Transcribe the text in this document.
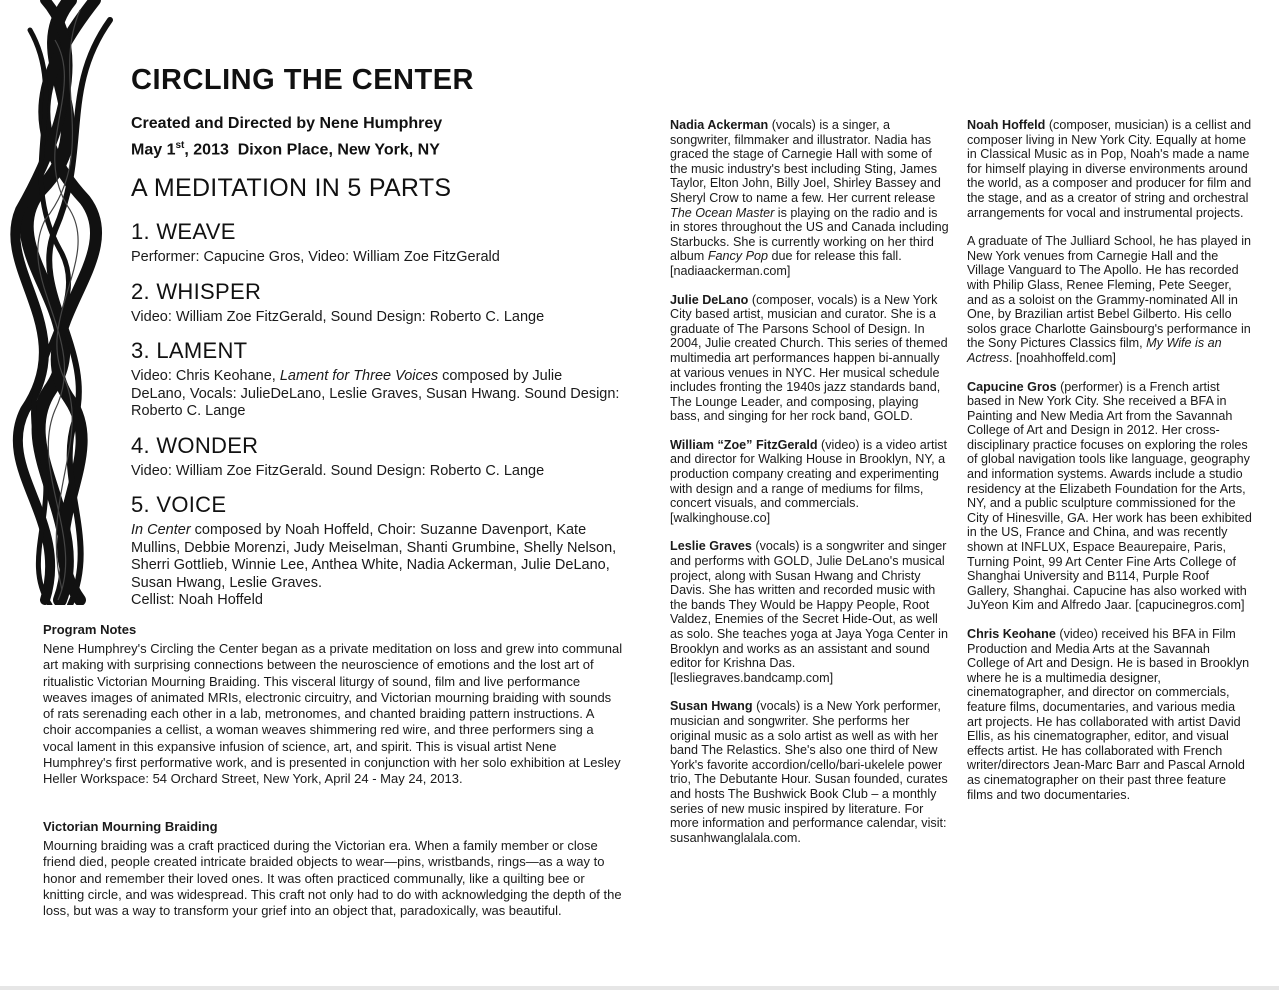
CIRCLING THE CENTER
Created and Directed by Nene Humphrey
May 1st, 2013  Dixon Place, New York, NY
A MEDITATION IN 5 PARTS
1. WEAVE
Performer: Capucine Gros, Video: William Zoe FitzGerald
2. WHISPER
Video: William Zoe FitzGerald, Sound Design: Roberto C. Lange
3. LAMENT
Video: Chris Keohane, Lament for Three Voices composed by Julie DeLano, Vocals: JulieDeLano, Leslie Graves, Susan Hwang. Sound Design: Roberto C. Lange
4. WONDER
Video: William Zoe FitzGerald. Sound Design: Roberto C. Lange
5. VOICE
In Center composed by Noah Hoffeld, Choir: Suzanne Davenport, Kate Mullins, Debbie Morenzi, Judy Meiselman, Shanti Grumbine, Shelly Nelson, Sherri Gottlieb, Winnie Lee, Anthea White, Nadia Ackerman, Julie DeLano, Susan Hwang, Leslie Graves.
Cellist: Noah Hoffeld
Program Notes
Nene Humphrey's Circling the Center began as a private meditation on loss and grew into communal art making with surprising connections between the neuroscience of emotions and the lost art of ritualistic Victorian Mourning Braiding. This visceral liturgy of sound, film and live performance weaves images of animated MRIs, electronic circuitry, and Victorian mourning braiding with sounds of rats serenading each other in a lab, metronomes, and chanted braiding pattern instructions. A choir accompanies a cellist, a woman weaves shimmering red wire, and three performers sing a vocal lament in this expansive infusion of science, art, and spirit. This is visual artist Nene Humphrey's first performative work, and is presented in conjunction with her solo exhibition at Lesley Heller Workspace: 54 Orchard Street, New York, April 24 - May 24, 2013.
Victorian Mourning Braiding
Mourning braiding was a craft practiced during the Victorian era. When a family member or close friend died, people created intricate braided objects to wear—pins, wristbands, rings—as a way to honor and remember their loved ones. It was often practiced communally, like a quilting bee or knitting circle, and was widespread. This craft not only had to do with acknowledging the depth of the loss, but was a way to transform your grief into an object that, paradoxically, was beautiful.
Nadia Ackerman (vocals) is a singer, a songwriter, filmmaker and illustrator. Nadia has graced the stage of Carnegie Hall with some of the music industry's best including Sting, James Taylor, Elton John, Billy Joel, Shirley Bassey and Sheryl Crow to name a few. Her current release The Ocean Master is playing on the radio and is in stores throughout the US and Canada including Starbucks. She is currently working on her third album Fancy Pop due for release this fall. [nadiaackerman.com]
Julie DeLano (composer, vocals) is a New York City based artist, musician and curator. She is a graduate of The Parsons School of Design. In 2004, Julie created Church. This series of themed multimedia art performances happen bi-annually at various venues in NYC. Her musical schedule includes fronting the 1940s jazz standards band, The Lounge Leader, and composing, playing bass, and singing for her rock band, GOLD.
William “Zoe” FitzGerald (video) is a video artist and director for Walking House in Brooklyn, NY, a production company creating and experimenting with design and a range of mediums for films, concert visuals, and commercials. [walkinghouse.co]
Leslie Graves (vocals) is a songwriter and singer and performs with GOLD, Julie DeLano's musical project, along with Susan Hwang and Christy Davis. She has written and recorded music with the bands They Would be Happy People, Root Valdez, Enemies of the Secret Hide-Out, as well as solo. She teaches yoga at Jaya Yoga Center in Brooklyn and works as an assistant and sound editor for Krishna Das. [lesliegraves.bandcamp.com]
Susan Hwang (vocals) is a New York performer, musician and songwriter. She performs her original music as a solo artist as well as with her band The Relastics. She's also one third of New York's favorite accordion/cello/bari-ukelele power trio, The Debutante Hour. Susan founded, curates and hosts The Bushwick Book Club – a monthly series of new music inspired by literature. For more information and performance calendar, visit: susanhwanglalala.com.
Noah Hoffeld (composer, musician) is a cellist and composer living in New York City. Equally at home in Classical Music as in Pop, Noah's made a name for himself playing in diverse environments around the world, as a composer and producer for film and the stage, and as a creator of string and orchestral arrangements for vocal and instrumental projects.
A graduate of The Julliard School, he has played in New York venues from Carnegie Hall and the Village Vanguard to The Apollo. He has recorded with Philip Glass, Renee Fleming, Pete Seeger, and as a soloist on the Grammy-nominated All in One, by Brazilian artist Bebel Gilberto. His cello solos grace Charlotte Gainsbourg's performance in the Sony Pictures Classics film, My Wife is an Actress. [noahhoffeld.com]
Capucine Gros (performer) is a French artist based in New York City. She received a BFA in Painting and New Media Art from the Savannah College of Art and Design in 2012. Her cross-disciplinary practice focuses on exploring the roles of global navigation tools like language, geography and information systems. Awards include a studio residency at the Elizabeth Foundation for the Arts, NY, and a public sculpture commissioned for the City of Hinesville, GA. Her work has been exhibited in the US, France and China, and was recently shown at INFLUX, Espace Beaurepaire, Paris, Turning Point, 99 Art Center Fine Arts College of Shanghai University and B114, Purple Roof Gallery, Shanghai. Capucine has also worked with JuYeon Kim and Alfredo Jaar. [capucinegros.com]
Chris Keohane (video) received his BFA in Film Production and Media Arts at the Savannah College of Art and Design. He is based in Brooklyn where he is a multimedia designer, cinematographer, and director on commercials, feature films, documentaries, and various media art projects. He has collaborated with artist David Ellis, as his cinematographer, editor, and visual effects artist. He has collaborated with French writer/directors Jean-Marc Barr and Pascal Arnold as cinematographer on their past three feature films and two documentaries.
